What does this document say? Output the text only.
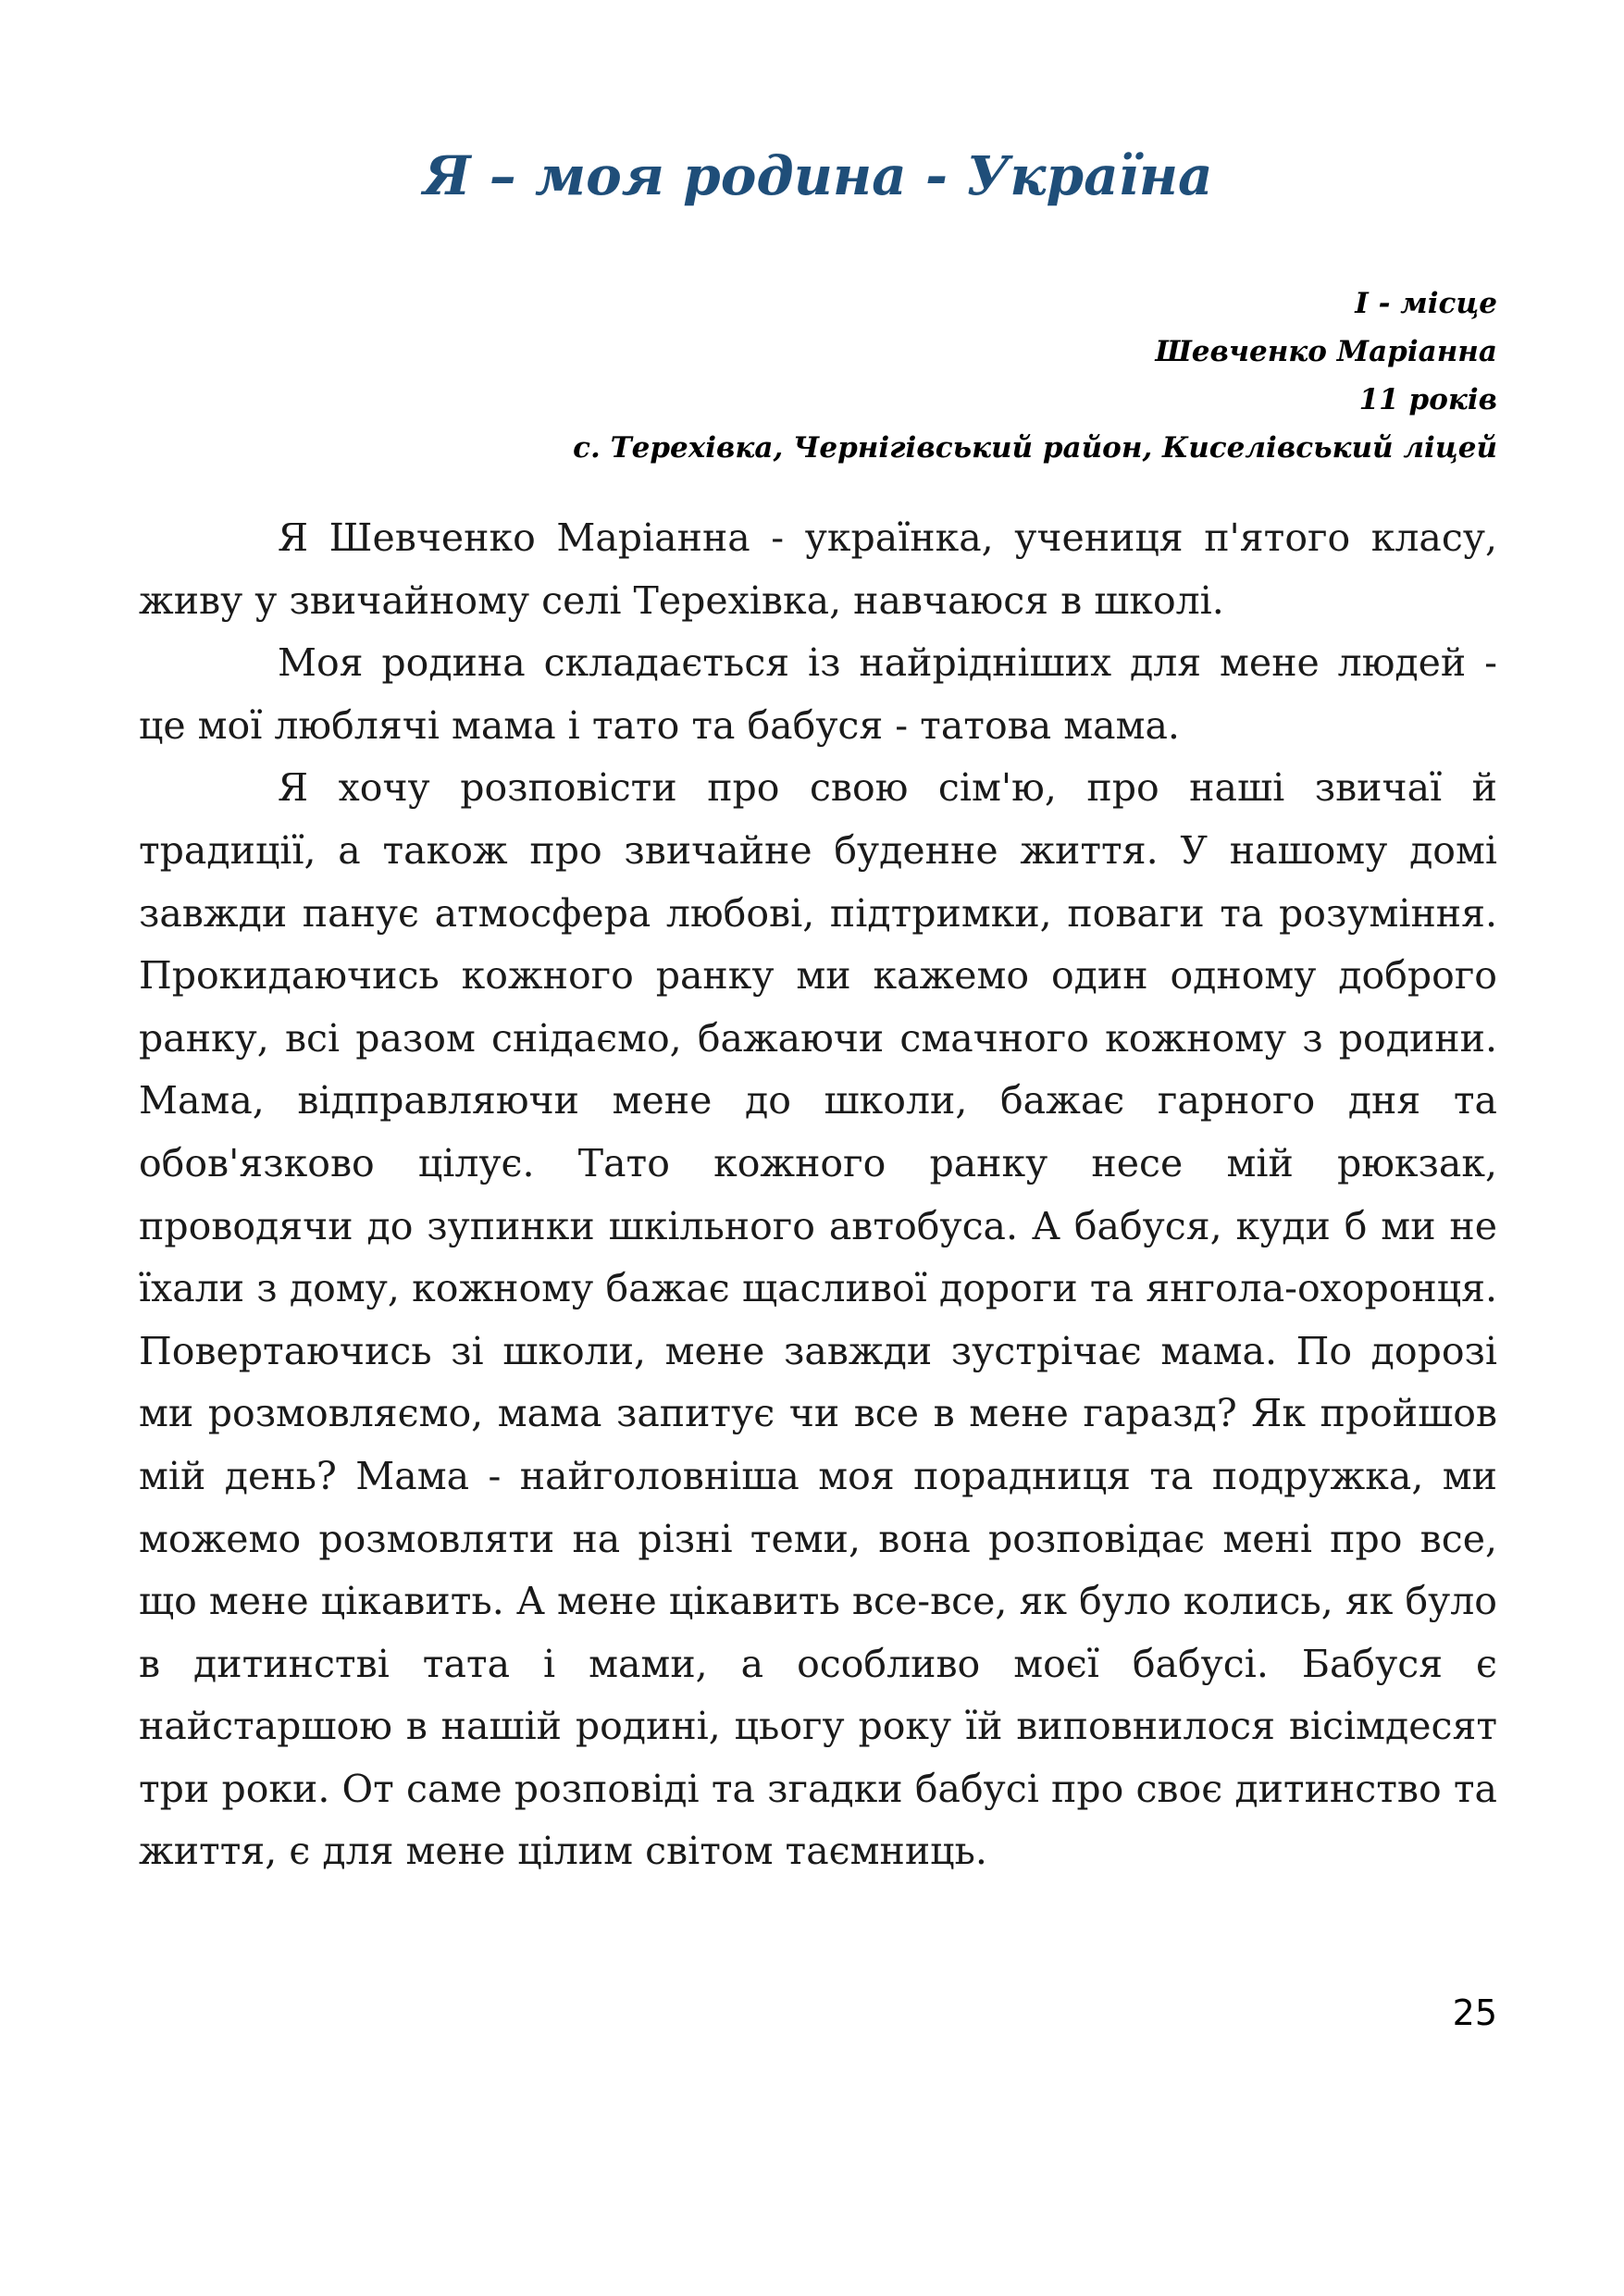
Я – моя родина - Україна
І - місце
Шевченко Маріанна
11 років
с. Терехівка, Чернігівський район, Киселівський ліцей

Я Шевченко Маріанна - українка, учениця п'ятого класу, живу у звичайному селі Терехівка, навчаюся в школі.

Моя родина складається із найрідніших для мене людей - це мої люблячі мама і тато та бабуся - татова мама.

Я хочу розповісти про свою сім'ю, про наші звичаї й традиції, а також про звичайне буденне життя. У нашому домі завжди панує атмосфера любові, підтримки, поваги та розуміння. Прокидаючись кожного ранку ми кажемо один одному доброго ранку, всі разом снідаємо, бажаючи смачного кожному з родини. Мама, відправляючи мене до школи, бажає гарного дня та обов'язково цілує. Тато кожного ранку несе мій рюкзак, проводячи до зупинки шкільного автобуса. А бабуся, куди б ми не їхали з дому, кожному бажає щасливої дороги та янгола-охоронця. Повертаючись зі школи, мене завжди зустрічає мама. По дорозі ми розмовляємо, мама запитує чи все в мене гаразд? Як пройшов мій день? Мама - найголовніша моя порадниця та подружка, ми можемо розмовляти на різні теми, вона розповідає мені про все, що мене цікавить. А мене цікавить все-все, як було колись, як було в дитинстві тата і мами, а особливо моєї бабусі. Бабуся є найстаршою в нашій родині, цьогу року їй виповнилося вісімдесят три роки. От саме розповіді та згадки бабусі про своє дитинство та життя, є для мене цілим світом таємниць.

25
